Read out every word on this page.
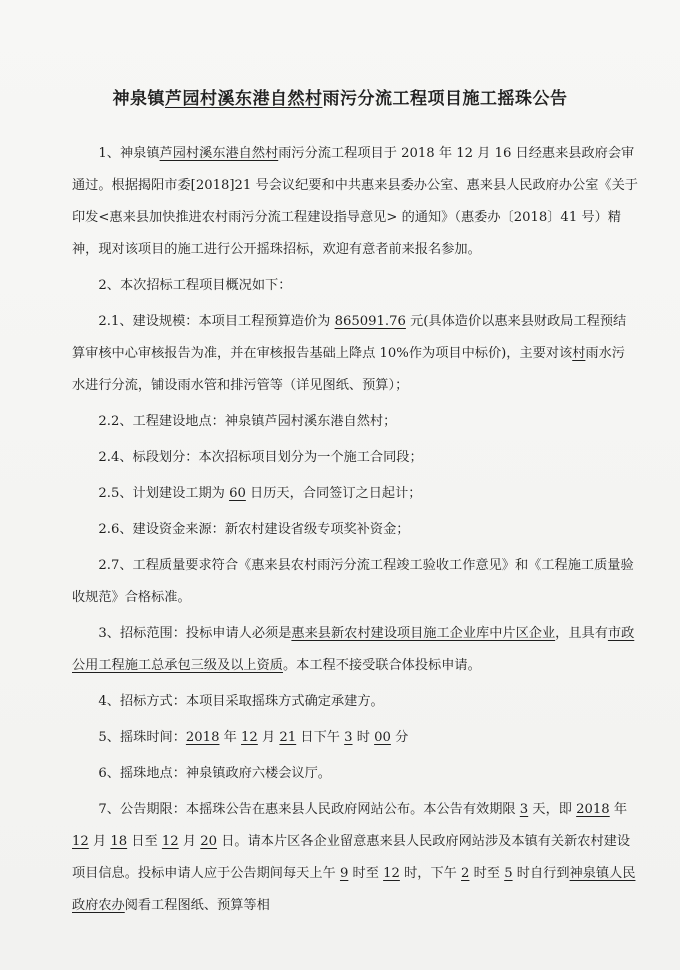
神泉镇芦园村溪东港自然村雨污分流工程项目施工摇珠公告

1、神泉镇芦园村溪东港自然村雨污分流工程项目于 2018 年 12 月 16 日经惠来县政府会审通过。根据揭阳市委[2018]21 号会议纪要和中共惠来县委办公室、惠来县人民政府办公室《关于印发<惠来县加快推进农村雨污分流工程建设指导意见> 的通知》（惠委办〔2018〕41 号）精神，现对该项目的施工进行公开摇珠招标，欢迎有意者前来报名参加。

2、本次招标工程项目概况如下：

2.1、建设规模：本项目工程预算造价为 865091.76 元(具体造价以惠来县财政局工程预结算审核中心审核报告为准，并在审核报告基础上降点 10%作为项目中标价)，主要对该村雨水污水进行分流，铺设雨水管和排污管等（详见图纸、预算）；

2.2、工程建设地点：神泉镇芦园村溪东港自然村；

2.4、标段划分：本次招标项目划分为一个施工合同段；

2.5、计划建设工期为 60 日历天，合同签订之日起计；

2.6、建设资金来源：新农村建设省级专项奖补资金；

2.7、工程质量要求符合《惠来县农村雨污分流工程竣工验收工作意见》和《工程施工质量验收规范》合格标准。

3、招标范围：投标申请人必须是惠来县新农村建设项目施工企业库中片区企业，且具有市政公用工程施工总承包三级及以上资质。本工程不接受联合体投标申请。

4、招标方式：本项目采取摇珠方式确定承建方。

5、摇珠时间：2018 年 12 月 21 日下午 3 时 00 分

6、摇珠地点：神泉镇政府六楼会议厅。

7、公告期限：本摇珠公告在惠来县人民政府网站公布。本公告有效期限 3 天，即 2018 年 12 月 18 日至 12 月 20 日。请本片区各企业留意惠来县人民政府网站涉及本镇有关新农村建设项目信息。投标申请人应于公告期间每天上午 9 时至 12 时，下午 2 时至 5 时自行到神泉镇人民政府农办阅看工程图纸、预算等相
